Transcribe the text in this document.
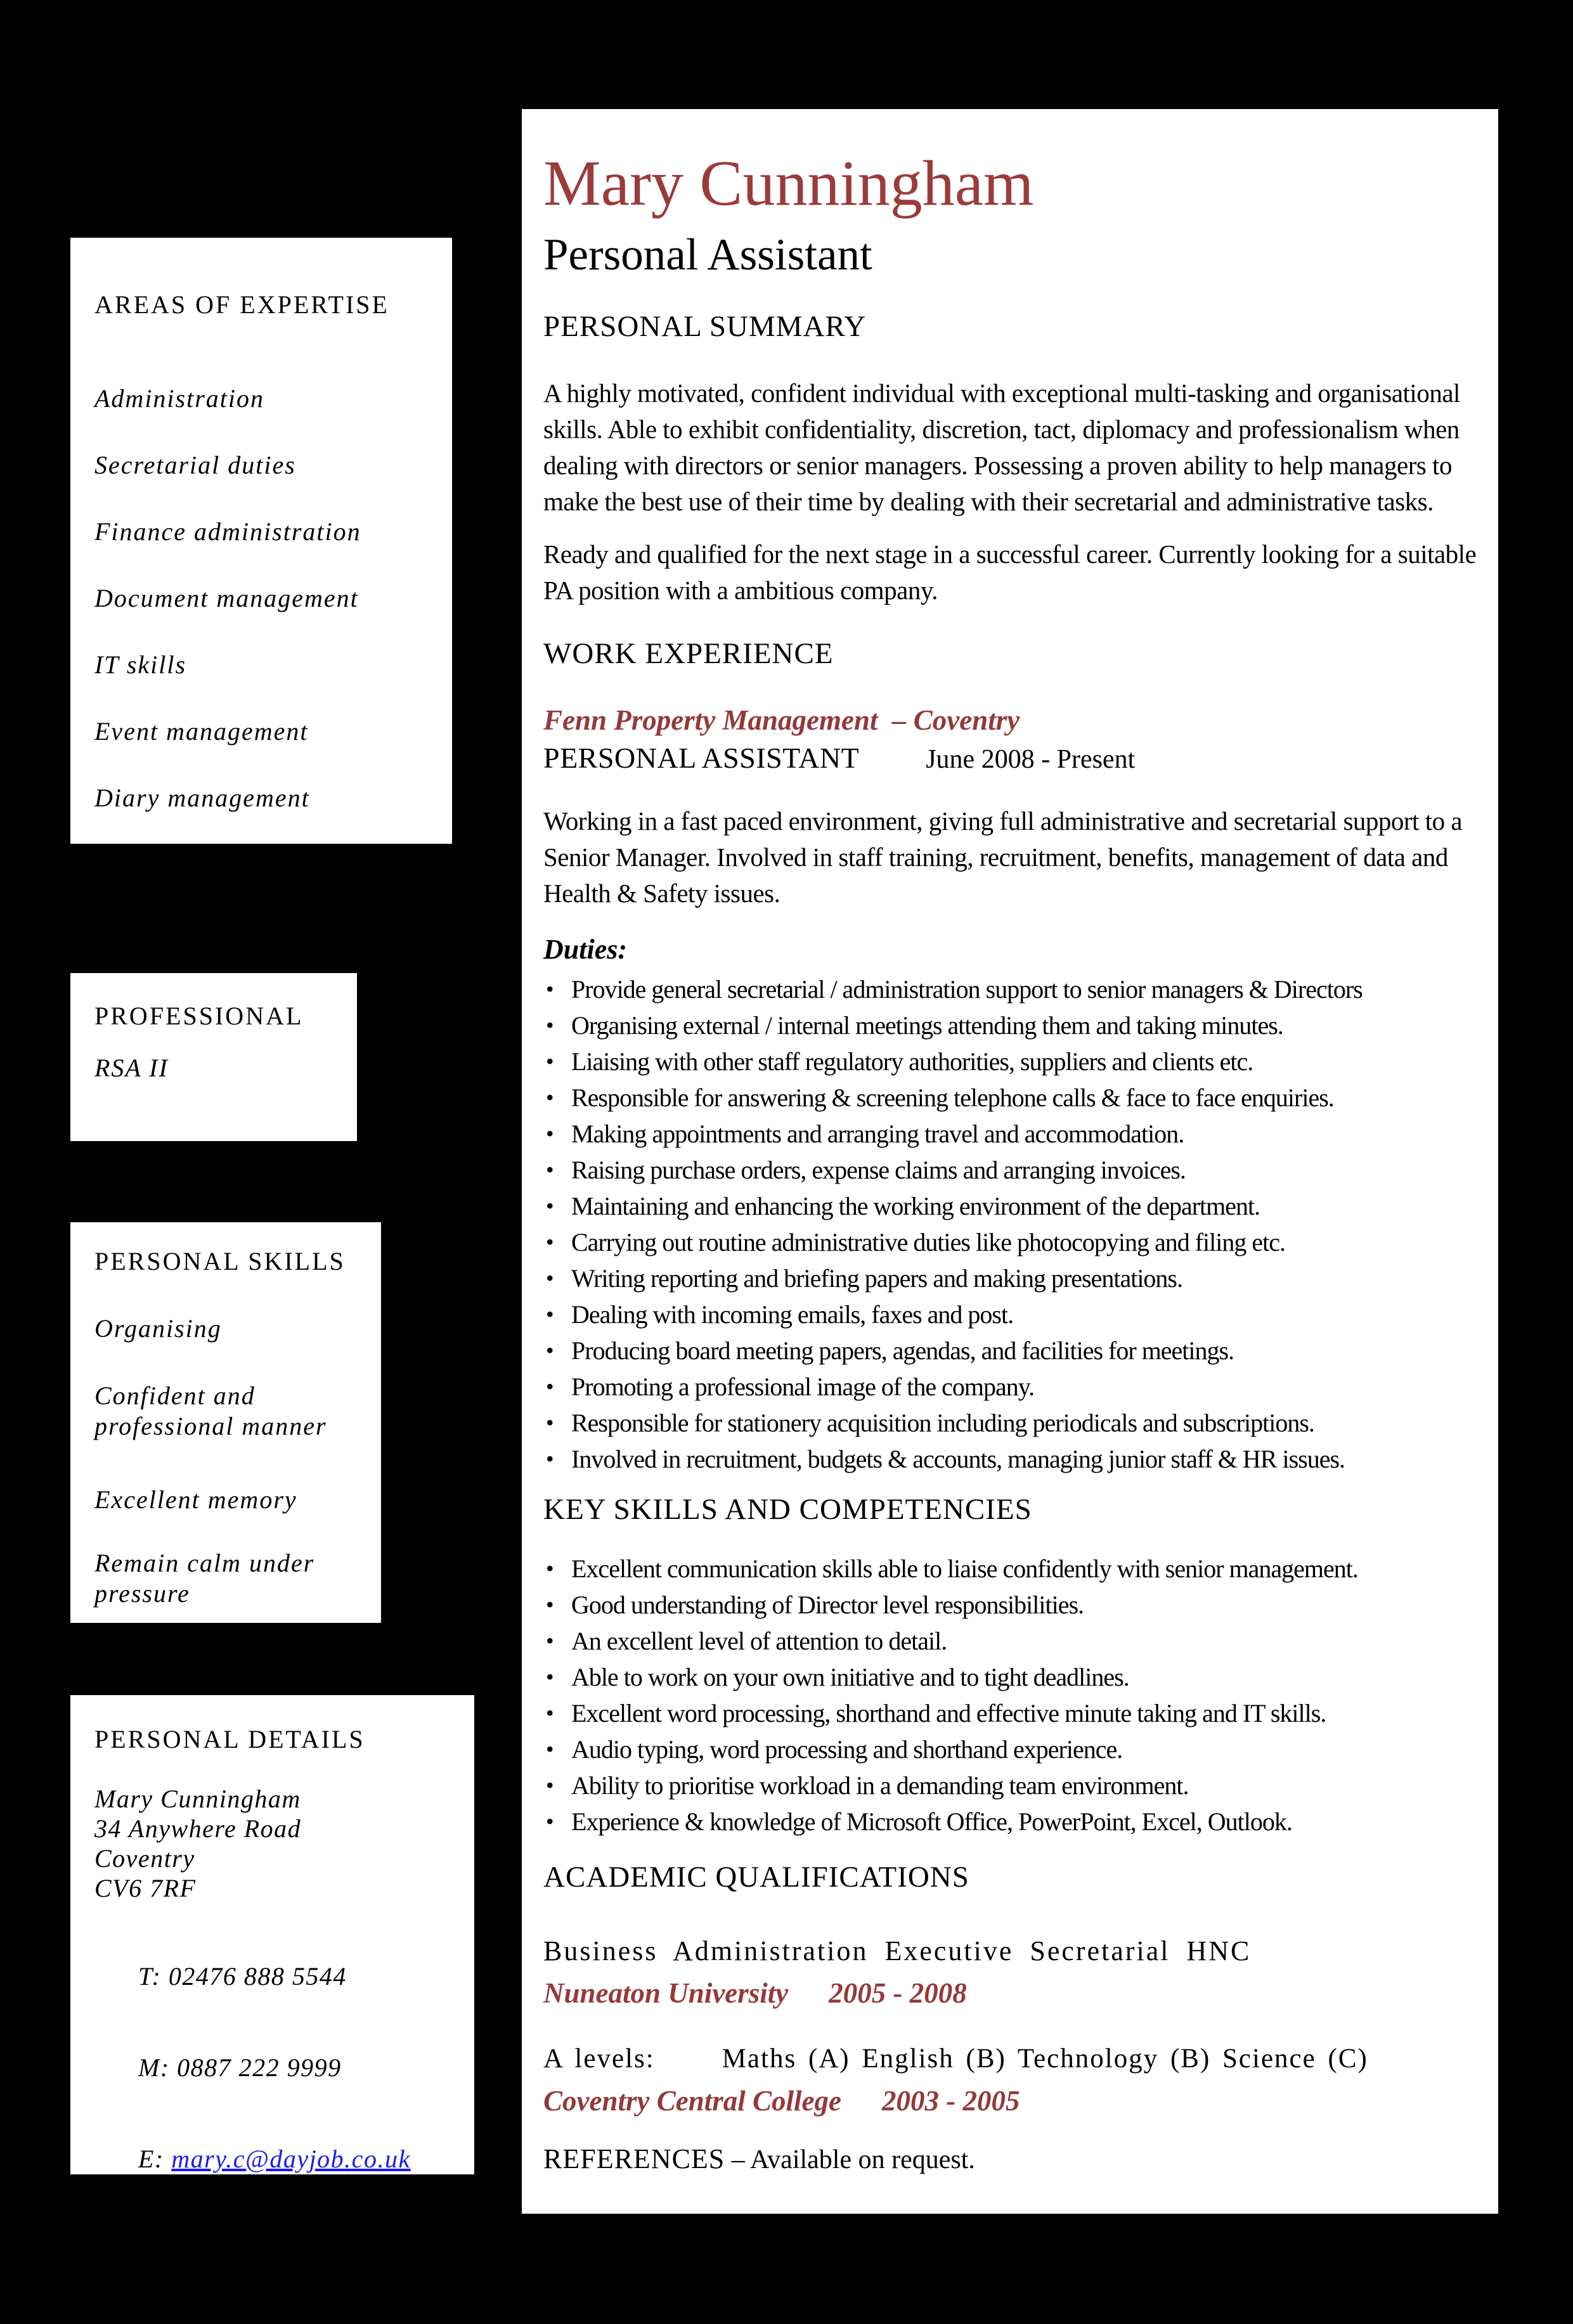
Mary Cunningham
Personal Assistant
PERSONAL SUMMARY

A highly motivated, confident individual with exceptional multi-tasking and organisational skills. Able to exhibit confidentiality, discretion, tact, diplomacy and professionalism when dealing with directors or senior managers. Possessing a proven ability to help managers to make the best use of their time by dealing with their secretarial and administrative tasks.

Ready and qualified for the next stage in a successful career. Currently looking for a suitable PA position with a ambitious company.

WORK EXPERIENCE
Fenn Property Management  – Coventry
PERSONAL ASSISTANT	June 2008 - Present

Working in a fast paced environment, giving full administrative and secretarial support to a Senior Manager. Involved in staff training, recruitment, benefits, management of data and Health & Safety issues.

Duties:
• Provide general secretarial / administration support to senior managers & Directors
• Organising external / internal meetings attending them and taking minutes.
• Liaising with other staff regulatory authorities, suppliers and clients etc.
• Responsible for answering & screening telephone calls & face to face enquiries.
• Making appointments and arranging travel and accommodation.
• Raising purchase orders, expense claims and arranging invoices.
• Maintaining and enhancing the working environment of the department.
• Carrying out routine administrative duties like photocopying and filing etc.
• Writing reporting and briefing papers and making presentations.
• Dealing with incoming emails, faxes and post.
• Producing board meeting papers, agendas, and facilities for meetings.
• Promoting a professional image of the company.
• Responsible for stationery acquisition including periodicals and subscriptions.
• Involved in recruitment, budgets & accounts, managing junior staff & HR issues.
KEY SKILLS AND COMPETENCIES
• Excellent communication skills able to liaise confidently with senior management.
• Good understanding of Director level responsibilities.
• An excellent level of attention to detail.
• Able to work on your own initiative and to tight deadlines.
• Excellent word processing, shorthand and effective minute taking and IT skills.
• Audio typing, word processing and shorthand experience.
• Ability to prioritise workload in a demanding team environment.
• Experience & knowledge of Microsoft Office, PowerPoint, Excel, Outlook.
ACADEMIC QUALIFICATIONS
Business Administration Executive Secretarial HNC
Nuneaton University 2005 - 2008
A levels: Maths (A) English (B) Technology (B) Science (C)
Coventry Central College 2003 - 2005
REFERENCES – Available on request.
AREAS OF EXPERTISE
Administration
Secretarial duties
Finance administration
Document management
IT skills
Event management
Diary management
PROFESSIONAL
RSA II
PERSONAL SKILLS
Organising
Confident and professional manner
Excellent memory
Remain calm under pressure
PERSONAL DETAILS
Mary Cunningham
34 Anywhere Road
Coventry
CV6 7RF

T: 02476 888 5544

M: 0887 222 9999

E: mary.c@dayjob.co.uk

DOB: 12/09/1985
Driving license:  Yes
Nationality: British
